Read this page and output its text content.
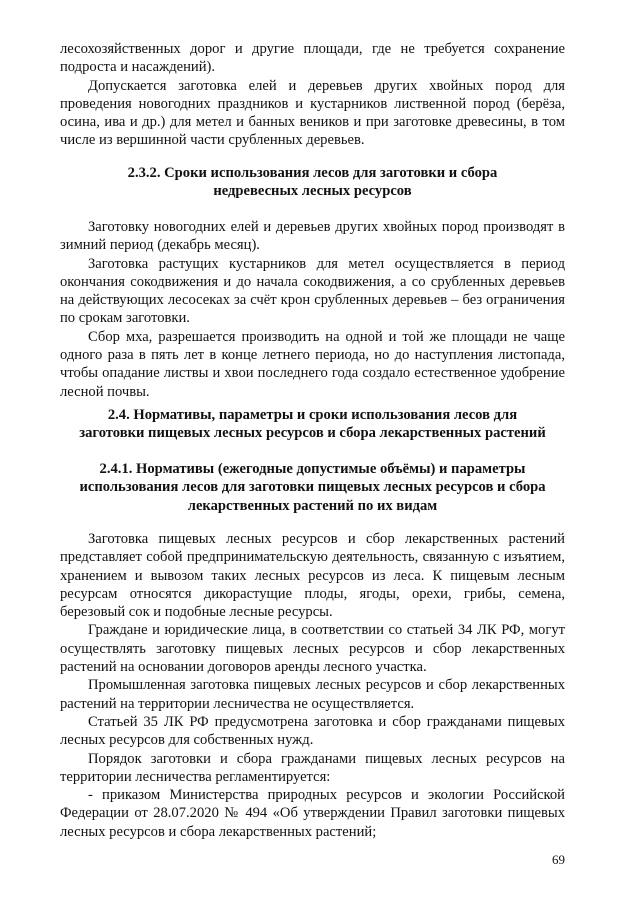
лесохозяйственных дорог и другие площади, где не требуется сохранение подроста и насаждений).

Допускается заготовка елей и деревьев других хвойных пород для проведения новогодних праздников и кустарников лиственной пород (берёза, осина, ива и др.) для метел и банных веников и при заготовке древесины, в том числе из вершинной части срубленных деревьев.

2.3.2. Сроки использования лесов для заготовки и сбора
недревесных лесных ресурсов

Заготовку новогодних елей и деревьев других хвойных пород производят в зимний период (декабрь месяц).

Заготовка растущих кустарников для метел осуществляется в период окончания сокодвижения и до начала сокодвижения, а со срубленных деревьев на действующих лесосеках за счёт крон срубленных деревьев – без ограничения по срокам заготовки.

Сбор мха, разрешается производить на одной и той же площади не чаще одного раза в пять лет в конце летнего периода, но до наступления листопада, чтобы опадание листвы и хвои последнего года создало естественное удобрение лесной почвы.

2.4. Нормативы, параметры и сроки использования лесов для
заготовки пищевых лесных ресурсов и сбора лекарственных растений
2.4.1. Нормативы (ежегодные допустимые объёмы) и параметры
использования лесов для заготовки пищевых лесных ресурсов и сбора
лекарственных растений по их видам

Заготовка пищевых лесных ресурсов и сбор лекарственных растений представляет собой предпринимательскую деятельность, связанную с изъятием, хранением и вывозом таких лесных ресурсов из леса. К пищевым лесным ресурсам относятся дикорастущие плоды, ягоды, орехи, грибы, семена, березовый сок и подобные лесные ресурсы.

Граждане и юридические лица, в соответствии со статьей 34 ЛК РФ, могут осуществлять заготовку пищевых лесных ресурсов и сбор лекарственных растений на основании договоров аренды лесного участка.

Промышленная заготовка пищевых лесных ресурсов и сбор лекарственных растений на территории лесничества не осуществляется.

Статьей 35 ЛК РФ предусмотрена заготовка и сбор гражданами пищевых лесных ресурсов для собственных нужд.

Порядок заготовки и сбора гражданами пищевых лесных ресурсов на территории лесничества регламентируется:

- приказом Министерства природных ресурсов и экологии Российской Федерации от 28.07.2020 № 494 «Об утверждении Правил заготовки пищевых лесных ресурсов и сбора лекарственных растений;

69
